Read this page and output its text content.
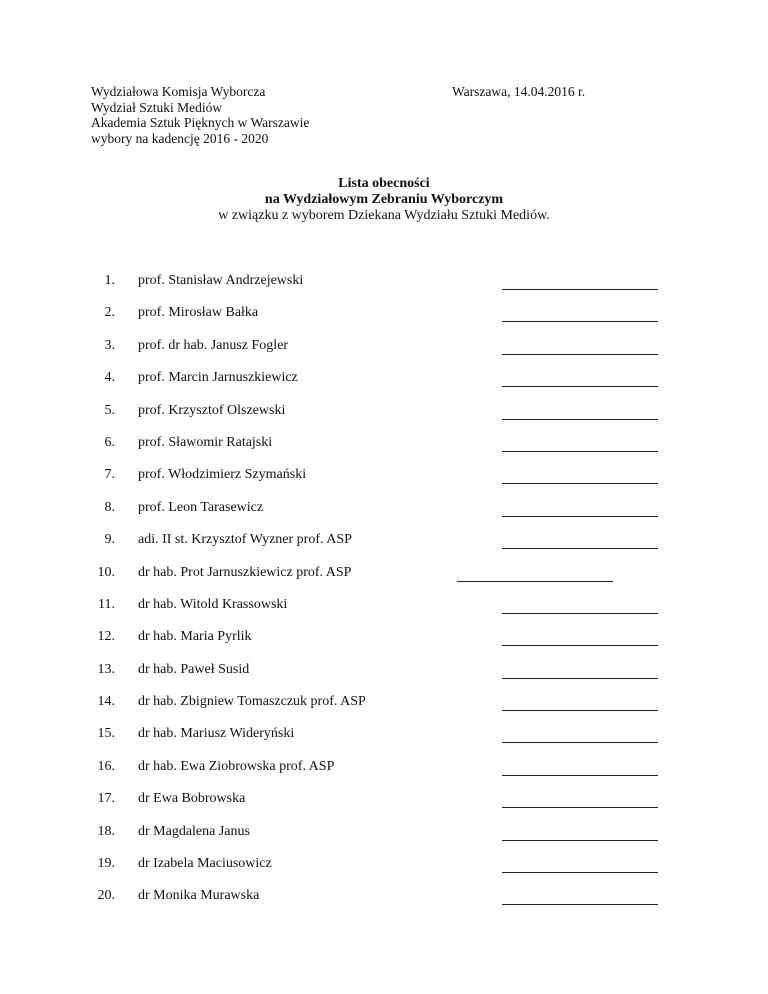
Wydziałowa Komisja Wyborcza
Wydział Sztuki Mediów
Akademia Sztuk Pięknych w Warszawie
wybory na kadencję 2016 - 2020
Warszawa, 14.04.2016 r.
Lista obecności
na Wydziałowym Zebraniu Wyborczym
w związku z wyborem Dziekana Wydziału Sztuki Mediów.
1. prof. Stanisław Andrzejewski
2. prof. Mirosław Bałka
3. prof. dr hab. Janusz Fogler
4. prof. Marcin Jarnuszkiewicz
5. prof. Krzysztof Olszewski
6. prof. Sławomir Ratajski
7. prof. Włodzimierz Szymański
8. prof. Leon Tarasewicz
9. adi. II st. Krzysztof Wyzner prof. ASP
10. dr hab. Prot Jarnuszkiewicz prof. ASP
11. dr hab. Witold Krassowski
12. dr hab. Maria Pyrlik
13. dr hab. Paweł Susid
14. dr hab. Zbigniew Tomaszczuk prof. ASP
15. dr hab. Mariusz Wideryński
16. dr hab. Ewa Ziobrowska prof. ASP
17. dr Ewa Bobrowska
18. dr Magdalena Janus
19. dr Izabela Maciusowicz
20. dr Monika Murawska
